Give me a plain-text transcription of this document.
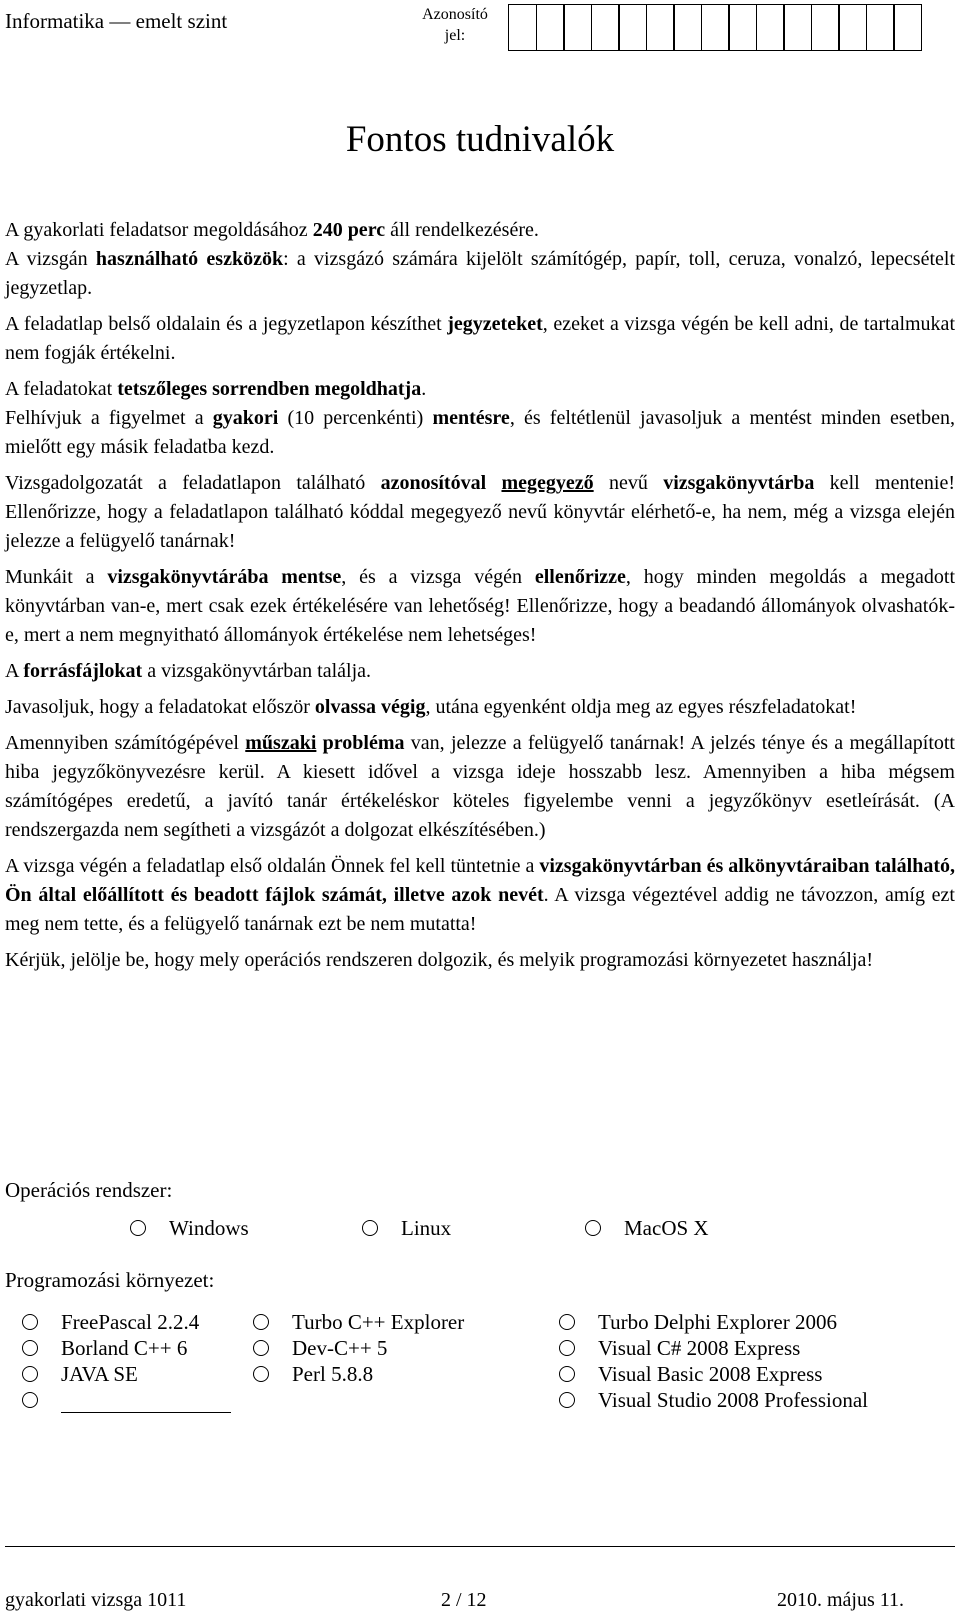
Informatika — emelt szint	Azonosító
jel:
Fontos tudnivalók

A gyakorlati feladatsor megoldásához 240 perc áll rendelkezésére.

A vizsgán használható eszközök: a vizsgázó számára kijelölt számítógép, papír, toll, ceruza, vonalzó, lepecsételt jegyzetlap.

A feladatlap belső oldalain és a jegyzetlapon készíthet jegyzeteket, ezeket a vizsga végén be kell adni, de tartalmukat nem fogják értékelni.

A feladatokat tetszőleges sorrendben megoldhatja.

Felhívjuk a figyelmet a gyakori (10 percenkénti) mentésre, és feltétlenül javasoljuk a mentést minden esetben, mielőtt egy másik feladatba kezd.

Vizsgadolgozatát a feladatlapon található azonosítóval megegyező nevű vizsgakönyvtárba kell mentenie! Ellenőrizze, hogy a feladatlapon található kóddal megegyező nevű könyvtár elérhető-e, ha nem, még a vizsga elején jelezze a felügyelő tanárnak!

Munkáit a vizsgakönyvtárába mentse, és a vizsga végén ellenőrizze, hogy minden megoldás a megadott könyvtárban van-e, mert csak ezek értékelésére van lehetőség! Ellenőrizze, hogy a beadandó állományok olvashatók-e, mert a nem megnyitható állományok értékelése nem lehetséges!

A forrásfájlokat a vizsgakönyvtárban találja.

Javasoljuk, hogy a feladatokat először olvassa végig, utána egyenként oldja meg az egyes részfeladatokat!

Amennyiben számítógépével műszaki probléma van, jelezze a felügyelő tanárnak! A jelzés ténye és a megállapított hiba jegyzőkönyvezésre kerül. A kiesett idővel a vizsga ideje hosszabb lesz. Amennyiben a hiba mégsem számítógépes eredetű, a javító tanár értékeléskor köteles figyelembe venni a jegyzőkönyv esetleírását. (A rendszergazda nem segítheti a vizsgázót a dolgozat elkészítésében.)

A vizsga végén a feladatlap első oldalán Önnek fel kell tüntetnie a vizsgakönyvtárban és alkönyvtáraiban található, Ön által előállított és beadott fájlok számát, illetve azok nevét. A vizsga végeztével addig ne távozzon, amíg ezt meg nem tette, és a felügyelő tanárnak ezt be nem mutatta!

Kérjük, jelölje be, hogy mely operációs rendszeren dolgozik, és melyik programozási környezetet használja!

Operációs rendszer:
Programozási környezet:
gyakorlati vizsga 1011	2 / 12	2010. május 11.
Windows	Linux	MacOS X
FreePascal 2.2.4
Borland C++ 6
JAVA SE
Turbo C++ Explorer
Dev-C++ 5
Perl 5.8.8
Turbo Delphi Explorer 2006
Visual C# 2008 Express
Visual Basic 2008 Express
Visual Studio 2008 Professional
